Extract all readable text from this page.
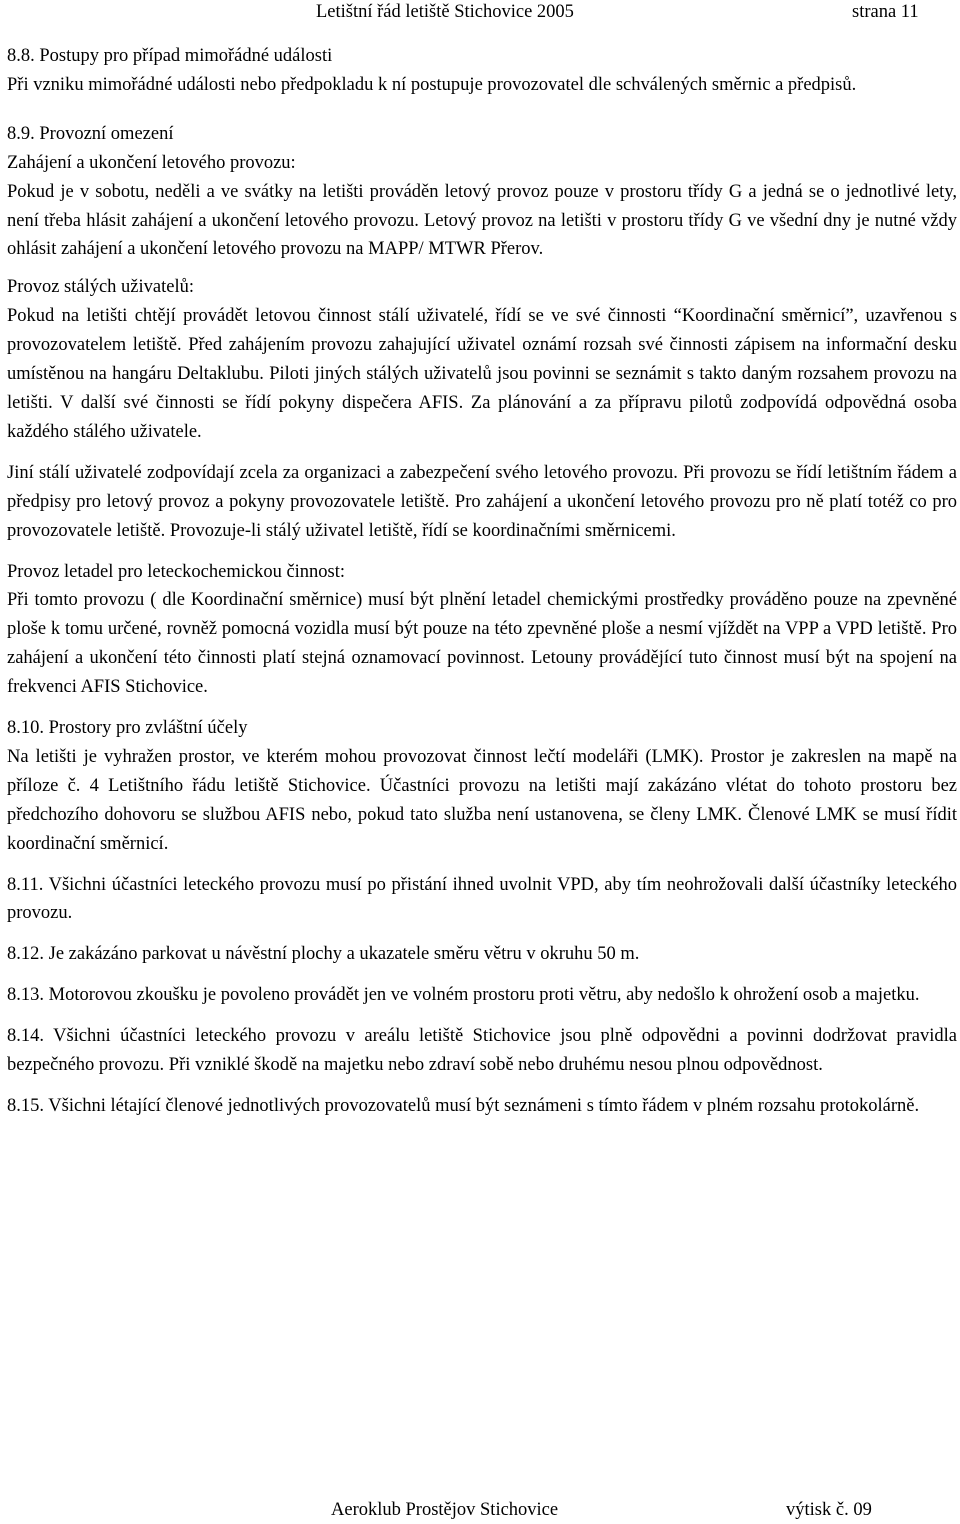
Letištní řád letiště Stichovice 2005	strana 11

8.8. Postupy pro případ mimořádné události

Při vzniku mimořádné události nebo předpokladu k ní postupuje provozovatel dle schválených směrnic a předpisů.

8.9. Provozní omezení

Zahájení a ukončení letového provozu:

Pokud je v sobotu, neděli a ve svátky na letišti prováděn letový provoz pouze v prostoru třídy G a jedná se o jednotlivé lety, není třeba hlásit zahájení a ukončení letového provozu. Letový provoz na letišti v prostoru třídy G ve všední dny je nutné vždy ohlásit zahájení a ukončení letového provozu na MAPP/ MTWR Přerov.

Provoz stálých uživatelů:

Pokud na letišti chtějí provádět letovou činnost stálí uživatelé, řídí se ve své činnosti “Koordinační směrnicí”, uzavřenou s provozovatelem letiště. Před zahájením provozu zahajující uživatel oznámí rozsah své činnosti zápisem na informační desku umístěnou na hangáru Deltaklubu. Piloti jiných stálých uživatelů jsou povinni se seznámit s takto daným rozsahem provozu na letišti. V další své činnosti se řídí pokyny dispečera AFIS. Za plánování a za přípravu pilotů zodpovídá odpovědná osoba každého stálého uživatele.

Jiní stálí uživatelé zodpovídají zcela za organizaci a zabezpečení svého letového provozu. Při provozu se řídí letištním řádem a předpisy pro letový provoz a pokyny provozovatele letiště. Pro zahájení a ukončení letového provozu pro ně platí totéž co pro provozovatele letiště. Provozuje-li stálý uživatel letiště, řídí se koordinačními směrnicemi.

Provoz letadel pro leteckochemickou činnost:

Při tomto provozu ( dle Koordinační směrnice) musí být plnění letadel chemickými prostředky prováděno pouze na zpevněné ploše k tomu určené, rovněž pomocná vozidla musí být pouze na této zpevněné ploše a nesmí vjíždět na VPP a VPD letiště. Pro zahájení a ukončení této činnosti platí stejná oznamovací povinnost. Letouny provádějící tuto činnost musí být na spojení na frekvenci AFIS Stichovice.

8.10. Prostory pro zvláštní účely

Na letišti je vyhražen prostor, ve kterém mohou provozovat činnost lečtí modeláři (LMK). Prostor je zakreslen na mapě na příloze č. 4 Letištního řádu letiště Stichovice. Účastníci provozu na letišti mají zakázáno vlétat do tohoto prostoru bez předchozího dohovoru se službou AFIS nebo, pokud tato služba není ustanovena, se členy LMK. Členové LMK se musí řídit koordinační směrnicí.

8.11. Všichni účastníci leteckého provozu musí po přistání ihned uvolnit VPD, aby tím neohrožovali další účastníky leteckého provozu.

8.12. Je zakázáno parkovat u návěstní plochy a ukazatele směru větru v okruhu 50 m.

8.13. Motorovou zkoušku je povoleno provádět jen ve volném prostoru proti větru, aby nedošlo k ohrožení osob a majetku.

8.14. Všichni účastníci leteckého provozu v areálu letiště Stichovice jsou plně odpovědni a povinni dodržovat pravidla bezpečného provozu. Při vzniklé škodě na majetku nebo zdraví sobě nebo druhému nesou plnou odpovědnost.

8.15. Všichni létající členové jednotlivých provozovatelů musí být seznámeni s tímto řádem v plném rozsahu protokolárně.

Aeroklub Prostějov Stichovice	výtisk č. 09
